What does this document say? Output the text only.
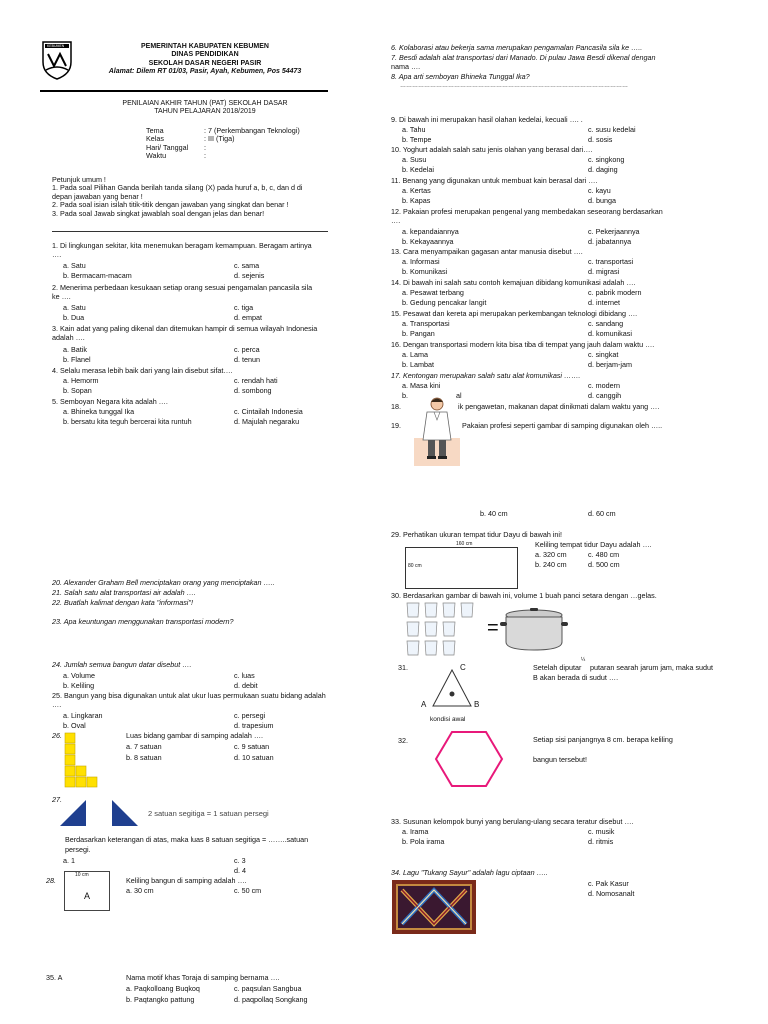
KEBUMEN	PEMERINTAH KABUPATEN KEBUMEN
DINAS PENDIDIKAN
SEKOLAH DASAR NEGERI PASIR
Alamat: Dilem RT 01/03, Pasir, Ayah, Kebumen, Pos 54473
PENILAIAN AKHIR TAHUN (PAT) SEKOLAH DASAR
TAHUN PELAJARAN 2018/2019
Tema	: 7 (Perkembangan Teknologi)
Kelas	: III (Tiga)
Hari/ Tanggal :
Waktu	:
Petunjuk umum !
1. Pada soal Pilihan Ganda berilah tanda silang (X) pada huruf a, b, c, dan d di
depan jawaban yang benar !
2. Pada soal isian isilah titik-titik dengan jawaban yang singkat dan benar !
3. Pada soal Jawab singkat jawablah soal dengan jelas dan benar!
1. Di lingkungan sekitar, kita menemukan beragam kemampuan. Beragam artinya
….
a. Satu
b. Bermacam-macam
c. sama
d. sejenis
2. Menerima perbedaan kesukaan setiap orang sesuai pengamalan pancasila sila
ke ….
a. Satu
b. Dua
c. tiga
d. empat
3. Kain adat yang paling dikenal dan ditemukan hampir di semua wilayah Indonesia
adalah ….
a. Batik
b. Flanel
c. perca
d. tenun
4. Selalu merasa lebih baik dari yang lain disebut sifat….
a. Hemorm
b. Sopan
c. rendah hati
d. sombong
5. Semboyan Negara kita adalah ….
a. Bhineka tunggal Ika
b. bersatu kita teguh bercerai kita runtuh
c. Cintailah Indonesia
d. Majulah negaraku
20. Alexander Graham Bell menciptakan orang yang menciptakan …..
21. Salah satu alat transportasi air adalah ….
22. Buatlah kalimat dengan kata "informasi"!
23. Apa keuntungan menggunakan transportasi modern?
24. Jumlah semua bangun datar disebut ….
a. Volume
b. Keliling
c. luas
d. debit
25. Bangun yang bisa digunakan untuk alat ukur luas permukaan suatu bidang adalah
….
a. Lingkaran
b. Oval
c. persegi
d. trapesium
26.	Luas bidang gambar di samping adalah ….
a. 7 satuan
b. 8 satuan
c. 9 satuan
d. 10 satuan
27.
2 satuan segitiga = 1 satuan persegi
Berdasarkan keterangan di atas, maka luas 8 satuan segitiga = ……..satuan
persegi.
a. 1	c. 3
d. 4
28.
10 cm
A
Keliling bangun di samping adalah ….
a. 30 cm	c. 50 cm
35. A	Nama motif khas Toraja di samping bernama ….
a. Paqkolloang Buqkoq
b. Paqtangko pattung
c. paqsulan Sangbua
d. paqpollaq Songkang
6. Kolaborasi atau bekerja sama merupakan pengamalan Pancasila sila ke …..
7. Besdi adalah alat transportasi dari Manado. Di pulau Jawa Besdi dikenal dengan
nama ….
8. Apa arti semboyan Bhineka Tunggal Ika?
……………………………………………………………………………………………………
9. Di bawah ini merupakan hasil olahan kedelai, kecuali …. .
a. Tahu
b. Tempe
c. susu kedelai
d. sosis
10. Yoghurt adalah salah satu jenis olahan yang berasal dari….
a. Susu
b. Kedelai
c. singkong
d. daging
11. Benang yang digunakan untuk membuat kain berasal dari ….
a. Kertas
b. Kapas
c. kayu
d. bunga
12. Pakaian profesi merupakan pengenal yang membedakan seseorang berdasarkan
….
a. kepandaiannya
b. Kekayaannya
c. Pekerjaannya
d. jabatannya
13. Cara menyampaikan gagasan antar manusia disebut ….
a. Informasi
b. Komunikasi
c. transportasi
d. migrasi
14. Di bawah ini salah satu contoh kemajuan dibidang komunikasi adalah ….
a. Pesawat terbang
b. Gedung pencakar langit
c. pabrik modern
d. internet
15. Pesawat dan kereta api merupakan perkembangan teknologi dibidang ….
a. Transportasi
b. Pangan
c. sandang
d. komunikasi
16. Dengan transportasi modern kita bisa tiba di tempat yang jauh dalam waktu ….
a. Lama
b. Lambat
c. singkat
d. berjam-jam
17. Kentongan merupakan salah satu alat komunikasi …….
a. Masa kini
b.	al
c. modern
d. canggih
18.	ik pengawetan, makanan dapat dinikmati dalam waktu yang ….
19.	Pakaian profesi seperti gambar di samping digunakan oleh …..
b. 40 cm	d. 60 cm
29. Perhatikan ukuran tempat tidur Dayu di bawah ini!
160 cm
80 cm
Keliling tempat tidur Dayu adalah ….
a. 320 cm
b. 240 cm
c. 480 cm
d. 500 cm
30. Berdasarkan gambar di bawah ini, volume 1 buah panci setara dengan …gelas.
=
31.	C
A	B
kondisi awal
Setelah diputar
¼
putaran searah jarum jam, maka sudut
B akan berada di sudut ….
32.	Setiap sisi panjangnya 8 cm. berapa keliling
bangun tersebut!
33. Susunan kelompok bunyi yang berulang-ulang secara teratur disebut ….
a. Irama
b. Pola irama
c. musik
d. ritmis
34. Lagu "Tukang Sayur" adalah lagu ciptaan …..
c. Pak Kasur
d. Nomosanalt
